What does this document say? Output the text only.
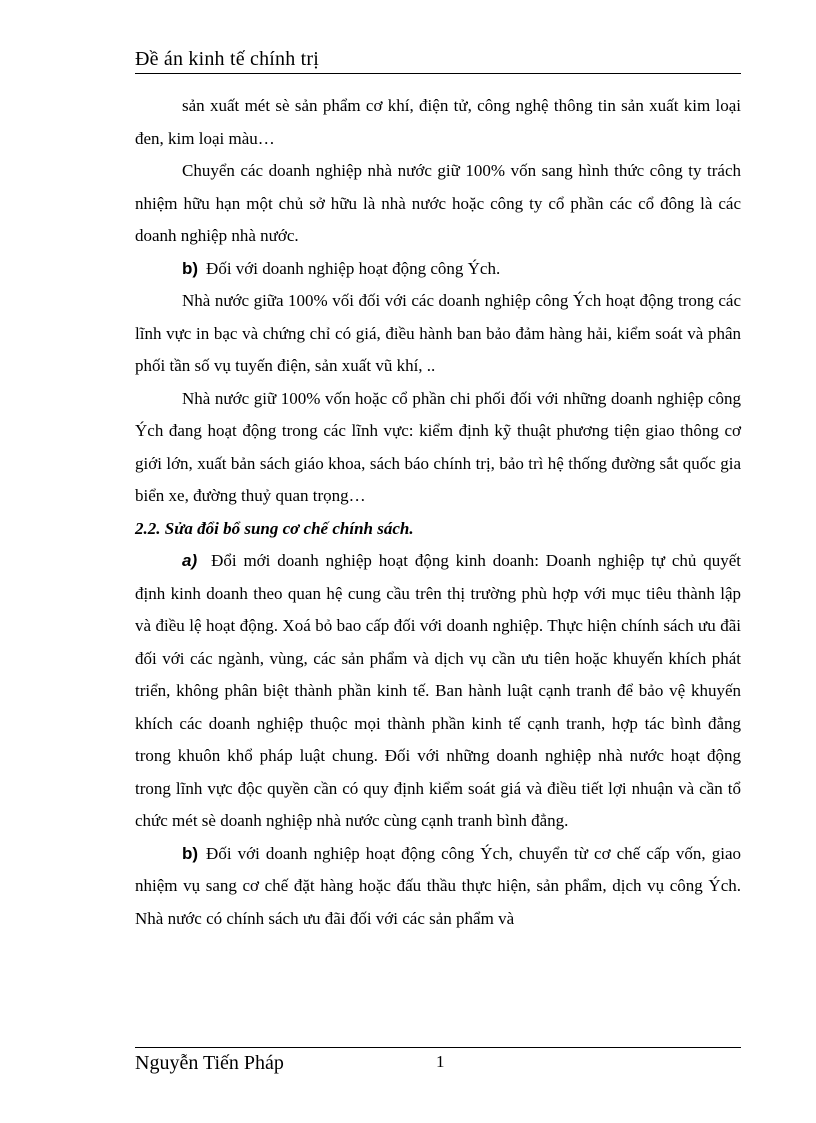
Đề án kinh tế chính trị

sản xuất mét sè sản phẩm cơ khí, điện tử, công nghệ thông tin sản xuất kim loại đen, kim loại màu…

Chuyển các doanh nghiệp nhà nước giữ 100% vốn sang hình thức công ty trách nhiệm hữu hạn một chủ sở hữu là nhà nước hoặc công ty cổ phần các cổ đông là các doanh nghiệp nhà nước.

b) Đối với doanh nghiệp hoạt động công Ých.

Nhà nước giữa 100% vối đối với các doanh nghiệp công Ých hoạt động trong các lĩnh vực in bạc và chứng chỉ có giá, điều hành ban bảo đảm hàng hải, kiểm soát và phân phối tần số vụ tuyến điện, sản xuất vũ khí, ..

Nhà nước giữ 100% vốn hoặc cổ phần chi phối đối với những doanh nghiệp công Ých đang hoạt động trong các lĩnh vực: kiểm định kỹ thuật phương tiện giao thông cơ giới lớn, xuất bản sách giáo khoa, sách báo chính trị, bảo trì hệ thống đường sắt quốc gia biển xe, đường thuỷ quan trọng…

2.2. Sửa đổi bổ sung cơ chế chính sách.

a) Đổi mới doanh nghiệp hoạt động kinh doanh: Doanh nghiệp tự chủ quyết định kinh doanh theo quan hệ cung cầu trên thị trường phù hợp với mục tiêu thành lập và điều lệ hoạt động. Xoá bỏ bao cấp đối với doanh nghiệp. Thực hiện chính sách ưu đãi đối với các ngành, vùng, các sản phẩm và dịch vụ cần ưu tiên hoặc khuyến khích phát triển, không phân biệt thành phần kinh tế. Ban hành luật cạnh tranh để bảo vệ khuyến khích các doanh nghiệp thuộc mọi thành phần kinh tế cạnh tranh, hợp tác bình đẳng trong khuôn khổ pháp luật chung. Đối với những doanh nghiệp nhà nước hoạt động trong lĩnh vực độc quyền cần có quy định kiểm soát giá và điều tiết lợi nhuận và cần tổ chức mét sè doanh nghiệp nhà nước cùng cạnh tranh bình đẳng.

b) Đối với doanh nghiệp hoạt động công Ých, chuyển từ cơ chế cấp vốn, giao nhiệm vụ sang cơ chế đặt hàng hoặc đấu thầu thực hiện, sản phẩm, dịch vụ công Ých. Nhà nước có chính sách ưu đãi đối với các sản phẩm và

Nguyễn Tiến Pháp	1
